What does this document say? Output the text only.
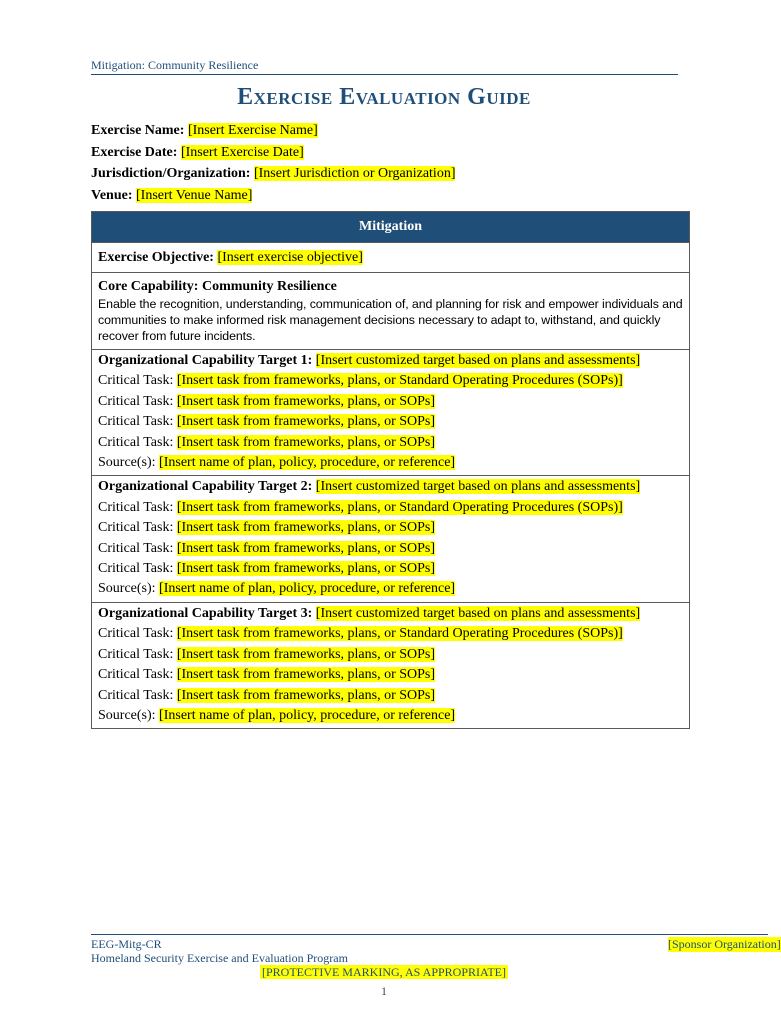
Mitigation: Community Resilience
Exercise Evaluation Guide
Exercise Name: [Insert Exercise Name]
Exercise Date: [Insert Exercise Date]
Jurisdiction/Organization: [Insert Jurisdiction or Organization]
Venue: [Insert Venue Name]
Mitigation
Exercise Objective: [Insert exercise objective]

Core Capability: Community Resilience
Enable the recognition, understanding, communication of, and planning for risk and empower individuals and communities to make informed risk management decisions necessary to adapt to, withstand, and quickly recover from future incidents.

Organizational Capability Target 1: [Insert customized target based on plans and assessments]
Critical Task: [Insert task from frameworks, plans, or Standard Operating Procedures (SOPs)]
Critical Task: [Insert task from frameworks, plans, or SOPs]
Critical Task: [Insert task from frameworks, plans, or SOPs]
Critical Task: [Insert task from frameworks, plans, or SOPs]
Source(s): [Insert name of plan, policy, procedure, or reference]

Organizational Capability Target 2: [Insert customized target based on plans and assessments]
Critical Task: [Insert task from frameworks, plans, or Standard Operating Procedures (SOPs)]
Critical Task: [Insert task from frameworks, plans, or SOPs]
Critical Task: [Insert task from frameworks, plans, or SOPs]
Critical Task: [Insert task from frameworks, plans, or SOPs]
Source(s): [Insert name of plan, policy, procedure, or reference]

Organizational Capability Target 3: [Insert customized target based on plans and assessments]
Critical Task: [Insert task from frameworks, plans, or Standard Operating Procedures (SOPs)]
Critical Task: [Insert task from frameworks, plans, or SOPs]
Critical Task: [Insert task from frameworks, plans, or SOPs]
Critical Task: [Insert task from frameworks, plans, or SOPs]
Source(s): [Insert name of plan, policy, procedure, or reference]
EEG-Mitg-CR
Homeland Security Exercise and Evaluation Program
[Sponsor Organization]
[PROTECTIVE MARKING, AS APPROPRIATE]
1
